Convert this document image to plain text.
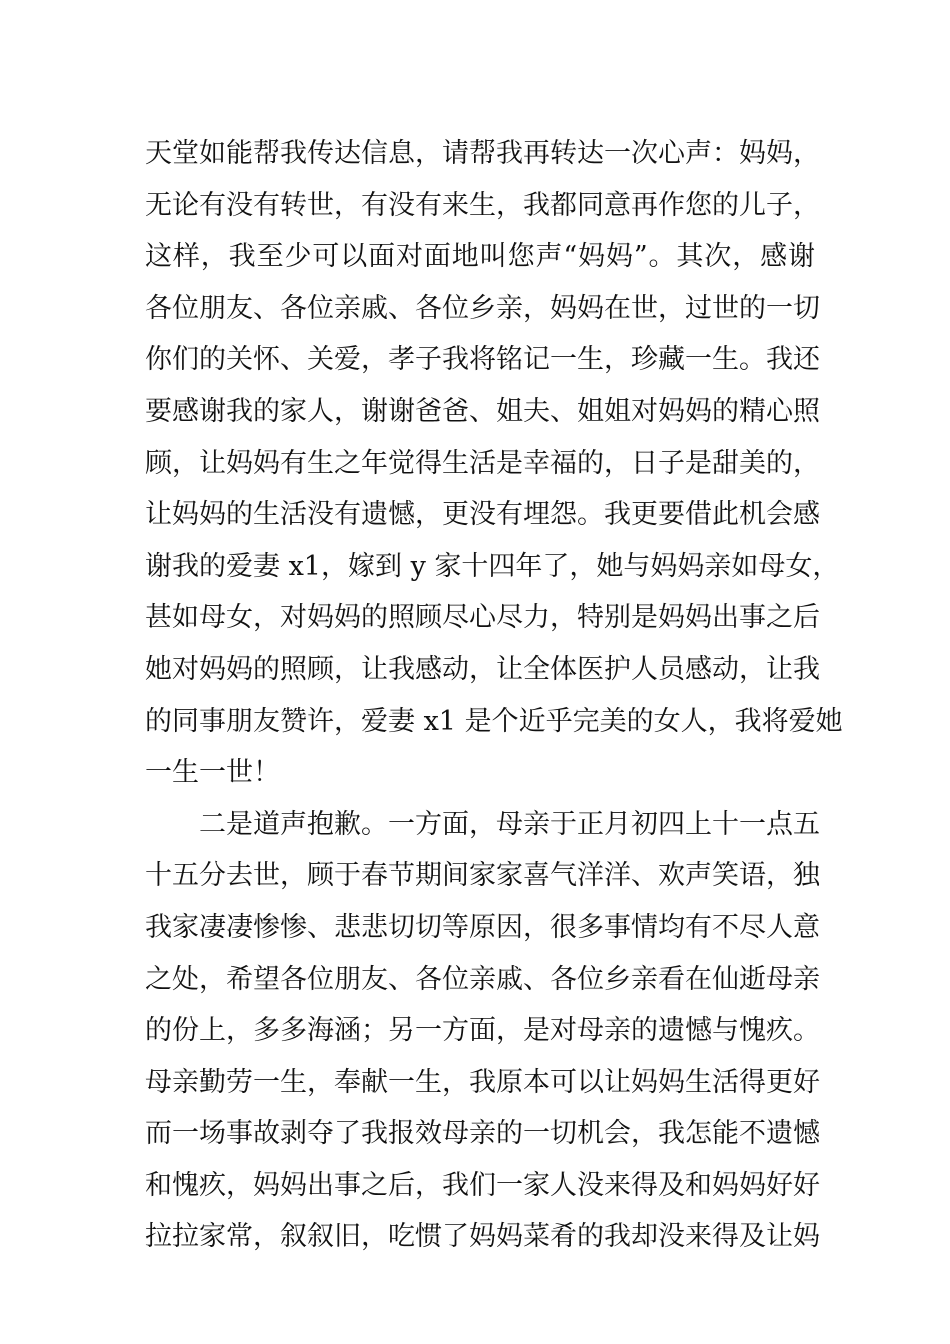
天堂如能帮我传达信息，请帮我再转达一次心声：妈妈，
无论有没有转世，有没有来生，我都同意再作您的儿子，
这样，我至少可以面对面地叫您声“妈妈”。其次，感谢
各位朋友、各位亲戚、各位乡亲，妈妈在世，过世的一切
你们的关怀、关爱，孝子我将铭记一生，珍藏一生。我还
要感谢我的家人，谢谢爸爸、姐夫、姐姐对妈妈的精心照
顾，让妈妈有生之年觉得生活是幸福的，日子是甜美的，
让妈妈的生活没有遗憾，更没有埋怨。我更要借此机会感
谢我的爱妻 x1，嫁到 y 家十四年了，她与妈妈亲如母女，
甚如母女，对妈妈的照顾尽心尽力，特别是妈妈出事之后
她对妈妈的照顾，让我感动，让全体医护人员感动，让我
的同事朋友赞许，爱妻 x1 是个近乎完美的女人，我将爱她
一生一世！
二是道声抱歉。一方面，母亲于正月初四上十一点五
十五分去世，顾于春节期间家家喜气洋洋、欢声笑语，独
我家凄凄惨惨、悲悲切切等原因，很多事情均有不尽人意
之处，希望各位朋友、各位亲戚、各位乡亲看在仙逝母亲
的份上，多多海涵；另一方面，是对母亲的遗憾与愧疚。
母亲勤劳一生，奉献一生，我原本可以让妈妈生活得更好
而一场事故剥夺了我报效母亲的一切机会，我怎能不遗憾
和愧疚，妈妈出事之后，我们一家人没来得及和妈妈好好
拉拉家常，叙叙旧，吃惯了妈妈菜肴的我却没来得及让妈
